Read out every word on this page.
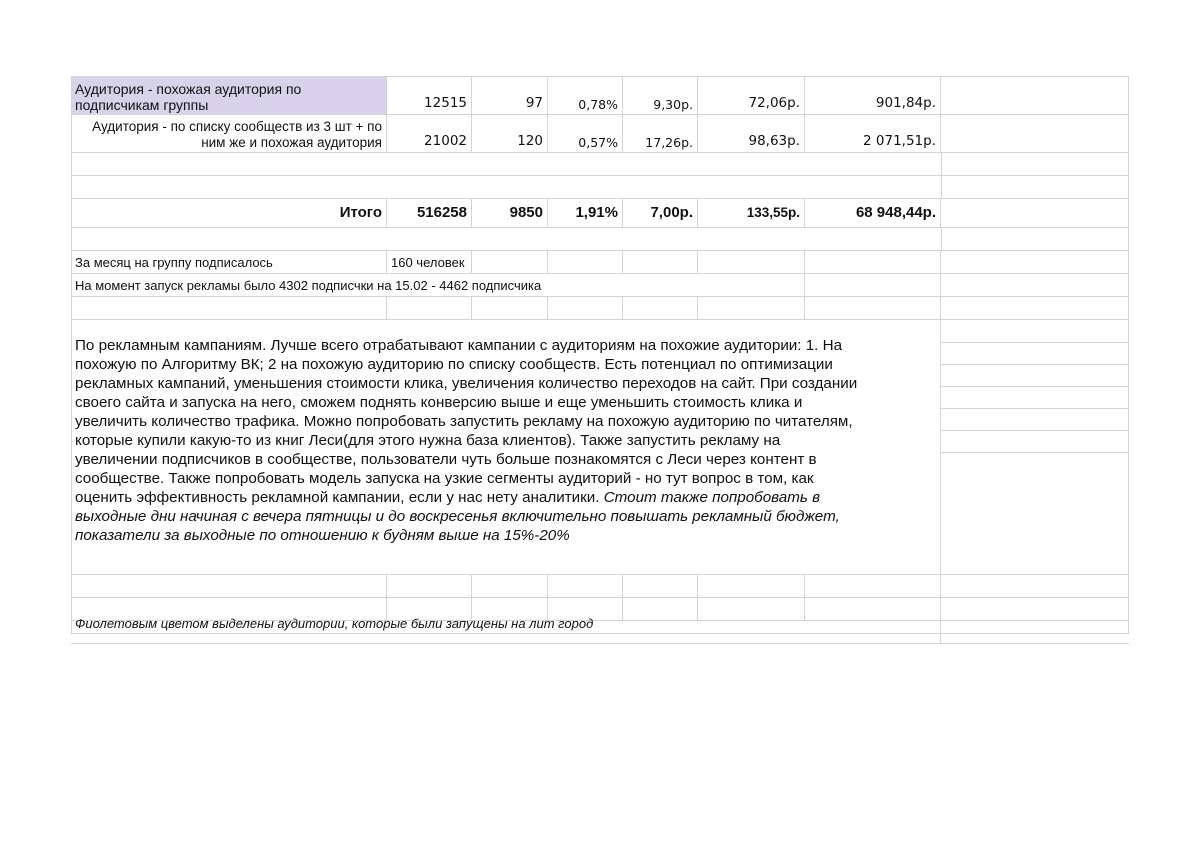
Аудитория - похожая аудитория по
подписчикам группы	12515	97	0,78%	9,30р.	72,06р.	901,84р.
Аудитория - по списку сообществ из 3 шт + по
ним же и похожая аудитория	21002	120	0,57% 17,26р.	98,63р.	2 071,51р.
Итого 516258	9850 1,91% 7,00р.	133,55р.	68 948,44р.
За месяц на группу подписалось	160 человек
На момент запуск рекламы было 4302 подписчки на 15.02 - 4462 подписчика
По рекламным кампаниям. Лучше всего отрабатывают кампании с аудиториям на похожие аудитории: 1. На
похожую по Алгоритму ВК; 2 на похожую аудиторию по списку сообществ. Есть потенциал по оптимизации
рекламных кампаний, уменьшения стоимости клика, увеличения количество переходов на сайт. При создании
своего сайта и запуска на него, сможем поднять конверсию выше и еще уменьшить стоимость клика и
увеличить количество трафика. Можно попробовать запустить рекламу на похожую аудиторию по читателям,
которые купили какую-то из книг Леси(для этого нужна база клиентов). Также запустить рекламу на
увеличении подписчиков в сообществе, пользователи чуть больше познакомятся с Леси через контент в
сообществе. Также попробовать модель запуска на узкие сегменты аудиторий - но тут вопрос в том, как
оценить эффективность рекламной кампании, если у нас нету аналитики. Стоит также попробовать в
выходные дни начиная с вечера пятницы и до воскресенья включительно повышать рекламный бюджет,
показатели за выходные по отношению к будням выше на 15%-20%
Фиолетовым цветом выделены аудитории, которые были запущены на лит город
